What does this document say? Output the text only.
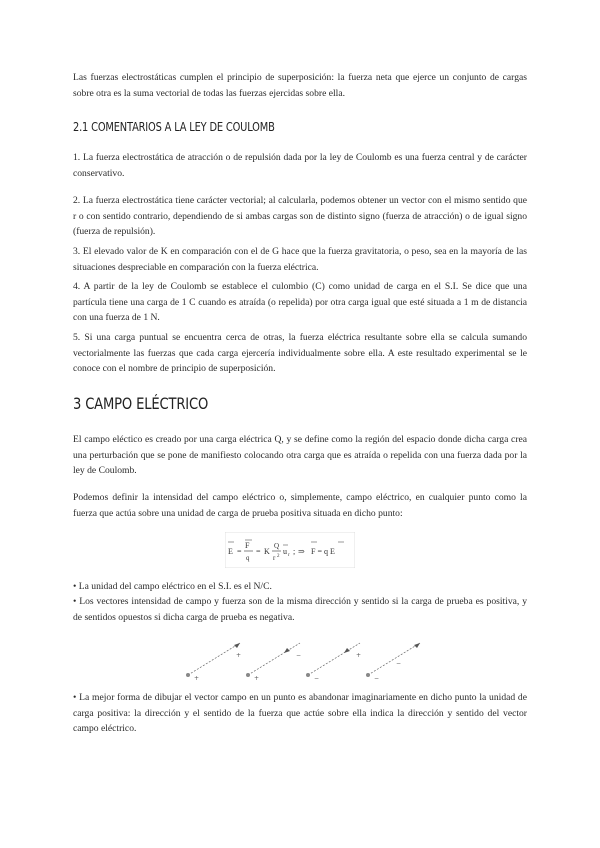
Las fuerzas electrostáticas cumplen el principio de superposición: la fuerza neta que ejerce un conjunto de cargas sobre otra es la suma vectorial de todas las fuerzas ejercidas sobre ella.
2.1 COMENTARIOS A LA LEY DE COULOMB
1. La fuerza electrostática de atracción o de repulsión dada por la ley de Coulomb es una fuerza central y de carácter conservativo.
2. La fuerza electrostática tiene carácter vectorial; al calcularla, podemos obtener un vector con el mismo sentido que r o con sentido contrario, dependiendo de si ambas cargas son de distinto signo (fuerza de atracción) o de igual signo (fuerza de repulsión).
3. El elevado valor de K en comparación con el de G hace que la fuerza gravitatoria, o peso, sea en la mayoría de las situaciones despreciable en comparación con la fuerza eléctrica.
4. A partir de la ley de Coulomb se establece el culombio (C) como unidad de carga en el S.I. Se dice que una partícula tiene una carga de 1 C cuando es atraída (o repelida) por otra carga igual que esté situada a 1 m de distancia con una fuerza de 1 N.
5. Si una carga puntual se encuentra cerca de otras, la fuerza eléctrica resultante sobre ella se calcula sumando vectorialmente las fuerzas que cada carga ejercería individualmente sobre ella. A este resultado experimental se le conoce con el nombre de principio de superposición.
3 CAMPO ELÉCTRICO
El campo eléctico es creado por una carga eléctrica Q, y se define como la región del espacio donde dicha carga crea una perturbación que se pone de manifiesto colocando otra carga que es atraída o repelida con una fuerza dada por la ley de Coulomb.
Podemos definir la intensidad del campo eléctrico o, simplemente, campo eléctrico, en cualquier punto como la fuerza que actúa sobre una unidad de carga de prueba positiva situada en dicho punto:
E =
F
q
= K
Q
r 2
u r ; ⇒ F = q E
• La unidad del campo eléctrico en el S.I. es el N/C.
• Los vectores intensidad de campo y fuerza son de la misma dirección y sentido si la carga de prueba es positiva, y de sentidos opuestos si dicha carga de prueba es negativa.
+
+
+
−
−
+
−
−
• La mejor forma de dibujar el vector campo en un punto es abandonar imaginariamente en dicho punto la unidad de carga positiva: la dirección y el sentido de la fuerza que actúe sobre ella indica la dirección y sentido del vector campo eléctrico.
